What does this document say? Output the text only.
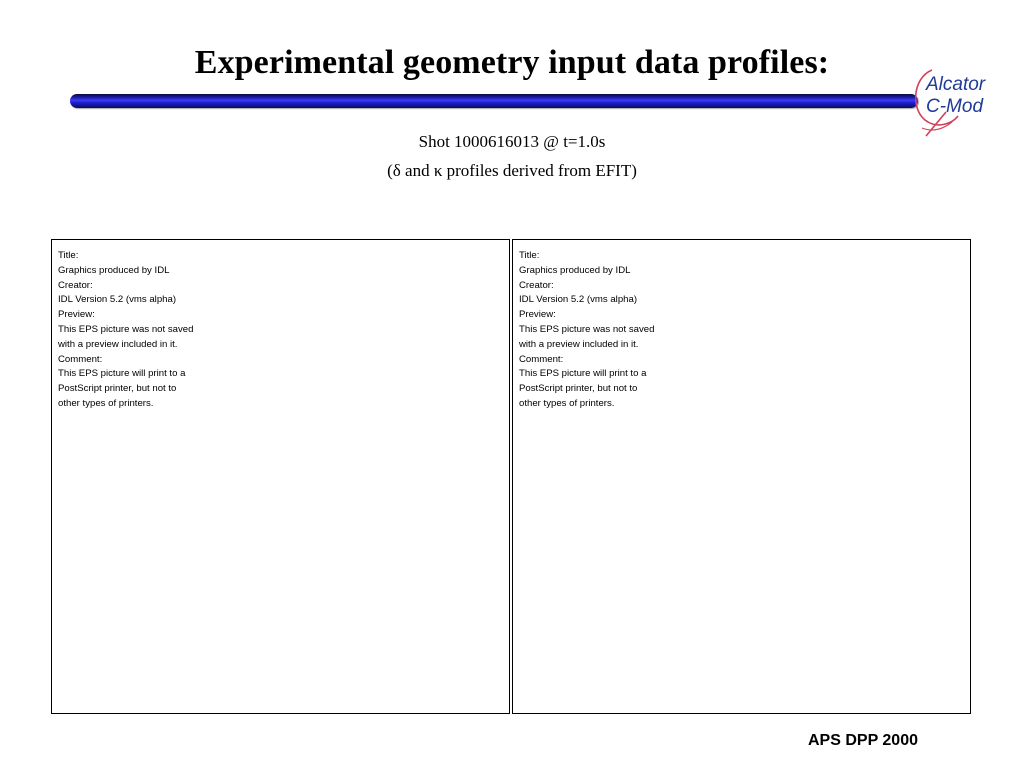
Experimental geometry input data profiles:
Alcator
C-Mod
Shot 1000616013 @ t=1.0s
(δ and κ profiles derived from EFIT)
Title:
Graphics produced by IDL
Creator:
IDL Version 5.2 (vms alpha)
Preview:
This EPS picture was not saved
with a preview included in it.
Comment:
This EPS picture will print to a
PostScript printer, but not to
other types of printers.
Title:
Graphics produced by IDL
Creator:
IDL Version 5.2 (vms alpha)
Preview:
This EPS picture was not saved
with a preview included in it.
Comment:
This EPS picture will print to a
PostScript printer, but not to
other types of printers.
APS DPP 2000
